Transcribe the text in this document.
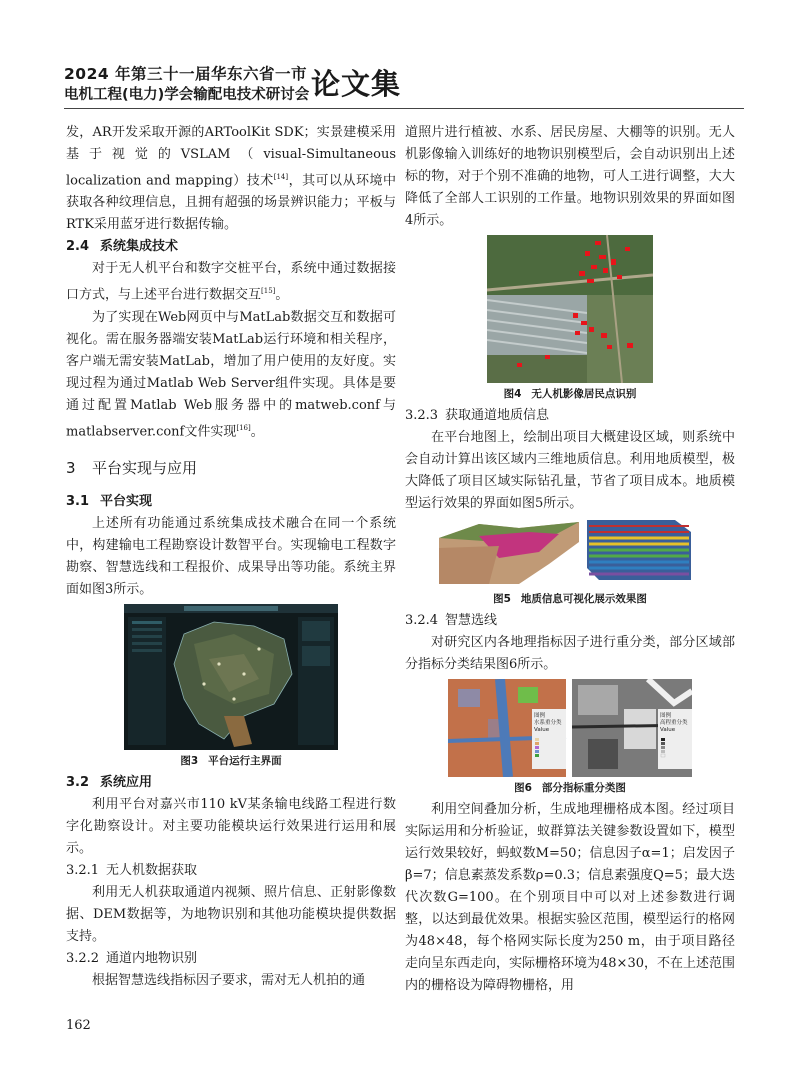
2024 年第三十一届华东六省一市
电机工程(电力)学会输配电技术研讨会 论文集

发，AR开发采取开源的ARToolKit SDK；实景建模采用基于视觉的VSLAM（visual-Simultaneous localization and mapping）技术[14]，其可以从环境中获取各种纹理信息，且拥有超强的场景辨识能力；平板与RTK采用蓝牙进行数据传输。

2.4 系统集成技术

对于无人机平台和数字交桩平台，系统中通过数据接口方式，与上述平台进行数据交互[15]。

为了实现在Web网页中与MatLab数据交互和数据可视化。需在服务器端安装MatLab运行环境和相关程序，客户端无需安装MatLab，增加了用户使用的友好度。实现过程为通过Matlab Web Server组件实现。具体是要通过配置Matlab Web服务器中的matweb.conf与matlabserver.conf文件实现[16]。

3 平台实现与应用

3.1 平台实现

上述所有功能通过系统集成技术融合在同一个系统中，构建输电工程勘察设计数智平台。实现输电工程数字勘察、智慧选线和工程报价、成果导出等功能。系统主界面如图3所示。

图3 平台运行主界面

3.2 系统应用

利用平台对嘉兴市110 kV某条输电线路工程进行数字化勘察设计。对主要功能模块运行效果进行运用和展示。

3.2.1 无人机数据获取

利用无人机获取通道内视频、照片信息、正射影像数据、DEM数据等，为地物识别和其他功能模块提供数据支持。

3.2.2 通道内地物识别

根据智慧选线指标因子要求，需对无人机拍的通

道照片进行植被、水系、居民房屋、大棚等的识别。无人机影像输入训练好的地物识别模型后，会自动识别出上述标的物，对于个别不准确的地物，可人工进行调整，大大降低了全部人工识别的工作量。地物识别效果的界面如图4所示。

图4 无人机影像居民点识别

3.2.3 获取通道地质信息

在平台地图上，绘制出项目大概建设区域，则系统中会自动计算出该区域内三维地质信息。利用地质模型，极大降低了项目区域实际钻孔量，节省了项目成本。地质模型运行效果的界面如图5所示。

图5 地质信息可视化展示效果图

3.2.4 智慧选线

对研究区内各地理指标因子进行重分类，部分区域部分指标分类结果图6所示。

图例
水系重分类
Value
图例
高程重分类
Value

图6 部分指标重分类图

利用空间叠加分析，生成地理栅格成本图。经过项目实际运用和分析验证，蚁群算法关键参数设置如下，模型运行效果较好，蚂蚁数M=50；信息因子α=1；启发因子β=7；信息素蒸发系数ρ=0.3；信息素强度Q=5；最大迭代次数G=100。在个别项目中可以对上述参数进行调整，以达到最优效果。根据实验区范围，模型运行的格网为48×48，每个格网实际长度为250 m，由于项目路径走向呈东西走向，实际栅格环境为48×30，不在上述范围内的栅格设为障碍物栅格，用

162
